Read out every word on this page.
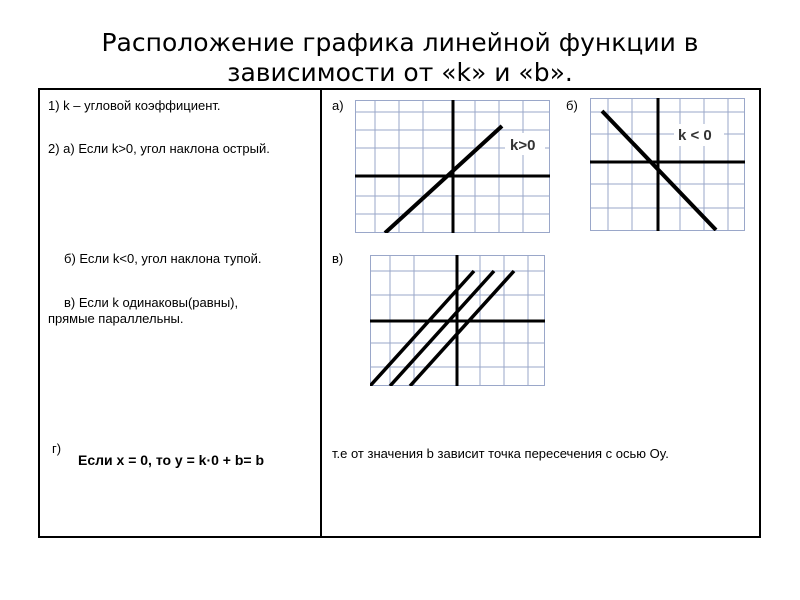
Расположение графика линейной функции в
зависимости от «k» и «b».
1) k – угловой коэффициент.
2) а) Если k>0, угол наклона острый.
б) Если k<0, угол наклона тупой.
в) Если k одинаковы(равны),
прямые параллельны.
г)
Если x = 0, то y = k·0 + b= b
а)	б)
в)
т.е от значения b зависит точка пересечения с осью Oy.
k>0
k < 0
